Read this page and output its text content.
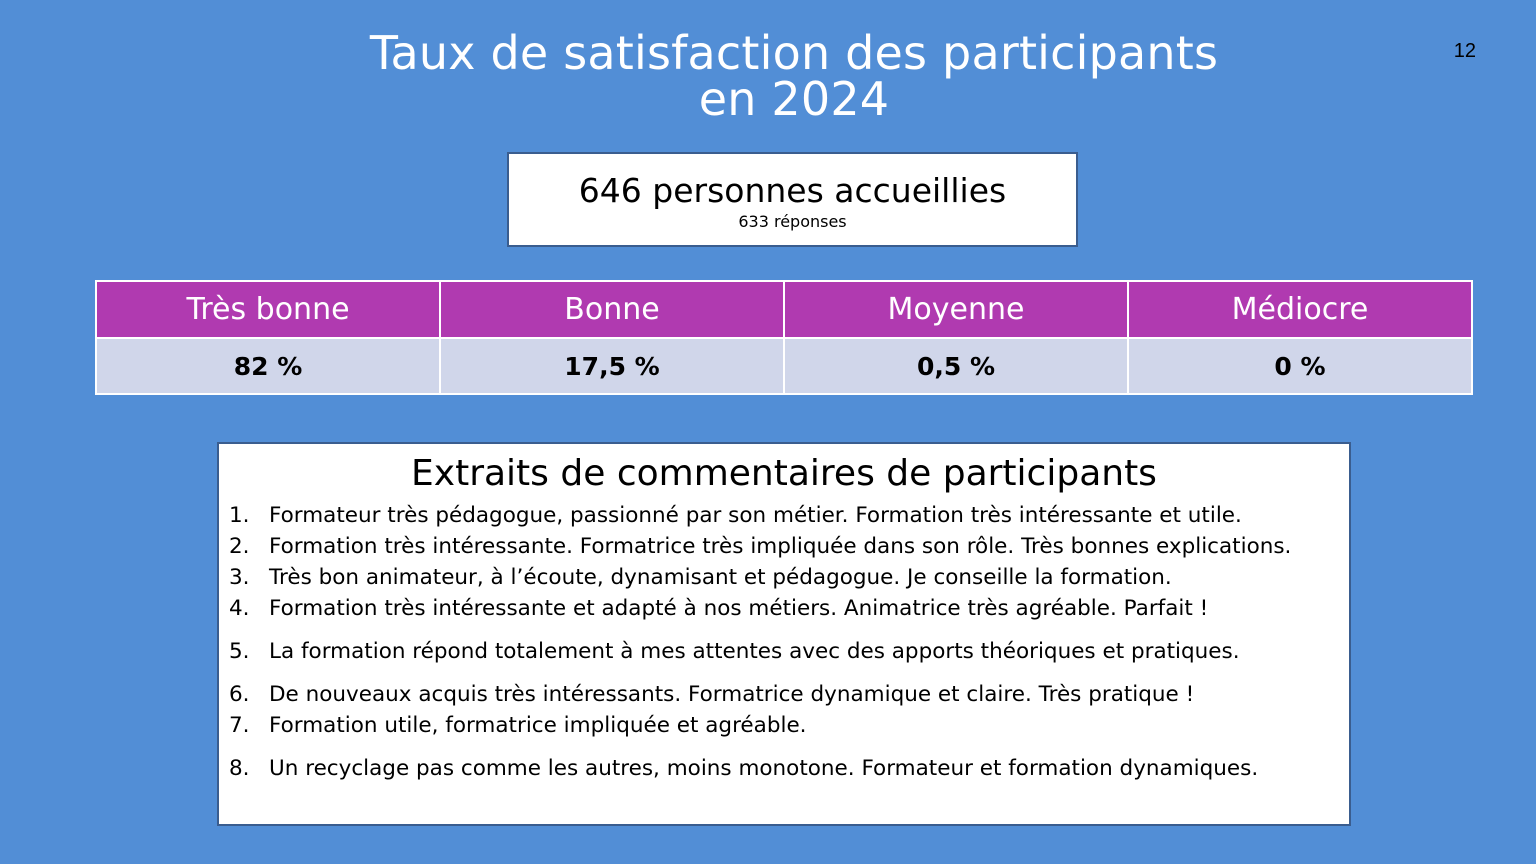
Taux de satisfaction des participants
en 2024
12
646 personnes accueillies
633 réponses
Très bonne	Bonne	Moyenne	Médiocre
82 %	17,5 %	0,5 %	0 %
Extraits de commentaires de participants
1. Formateur très pédagogue, passionné par son métier. Formation très intéressante et utile.
2. Formation très intéressante. Formatrice très impliquée dans son rôle. Très bonnes explications.
3. Très bon animateur, à l’écoute, dynamisant et pédagogue. Je conseille la formation.
4. Formation très intéressante et adapté à nos métiers. Animatrice très agréable. Parfait !
5. La formation répond totalement à mes attentes avec des apports théoriques et pratiques.
6. De nouveaux acquis très intéressants. Formatrice dynamique et claire. Très pratique !
7. Formation utile, formatrice impliquée et agréable.
8. Un recyclage pas comme les autres, moins monotone. Formateur et formation dynamiques.
